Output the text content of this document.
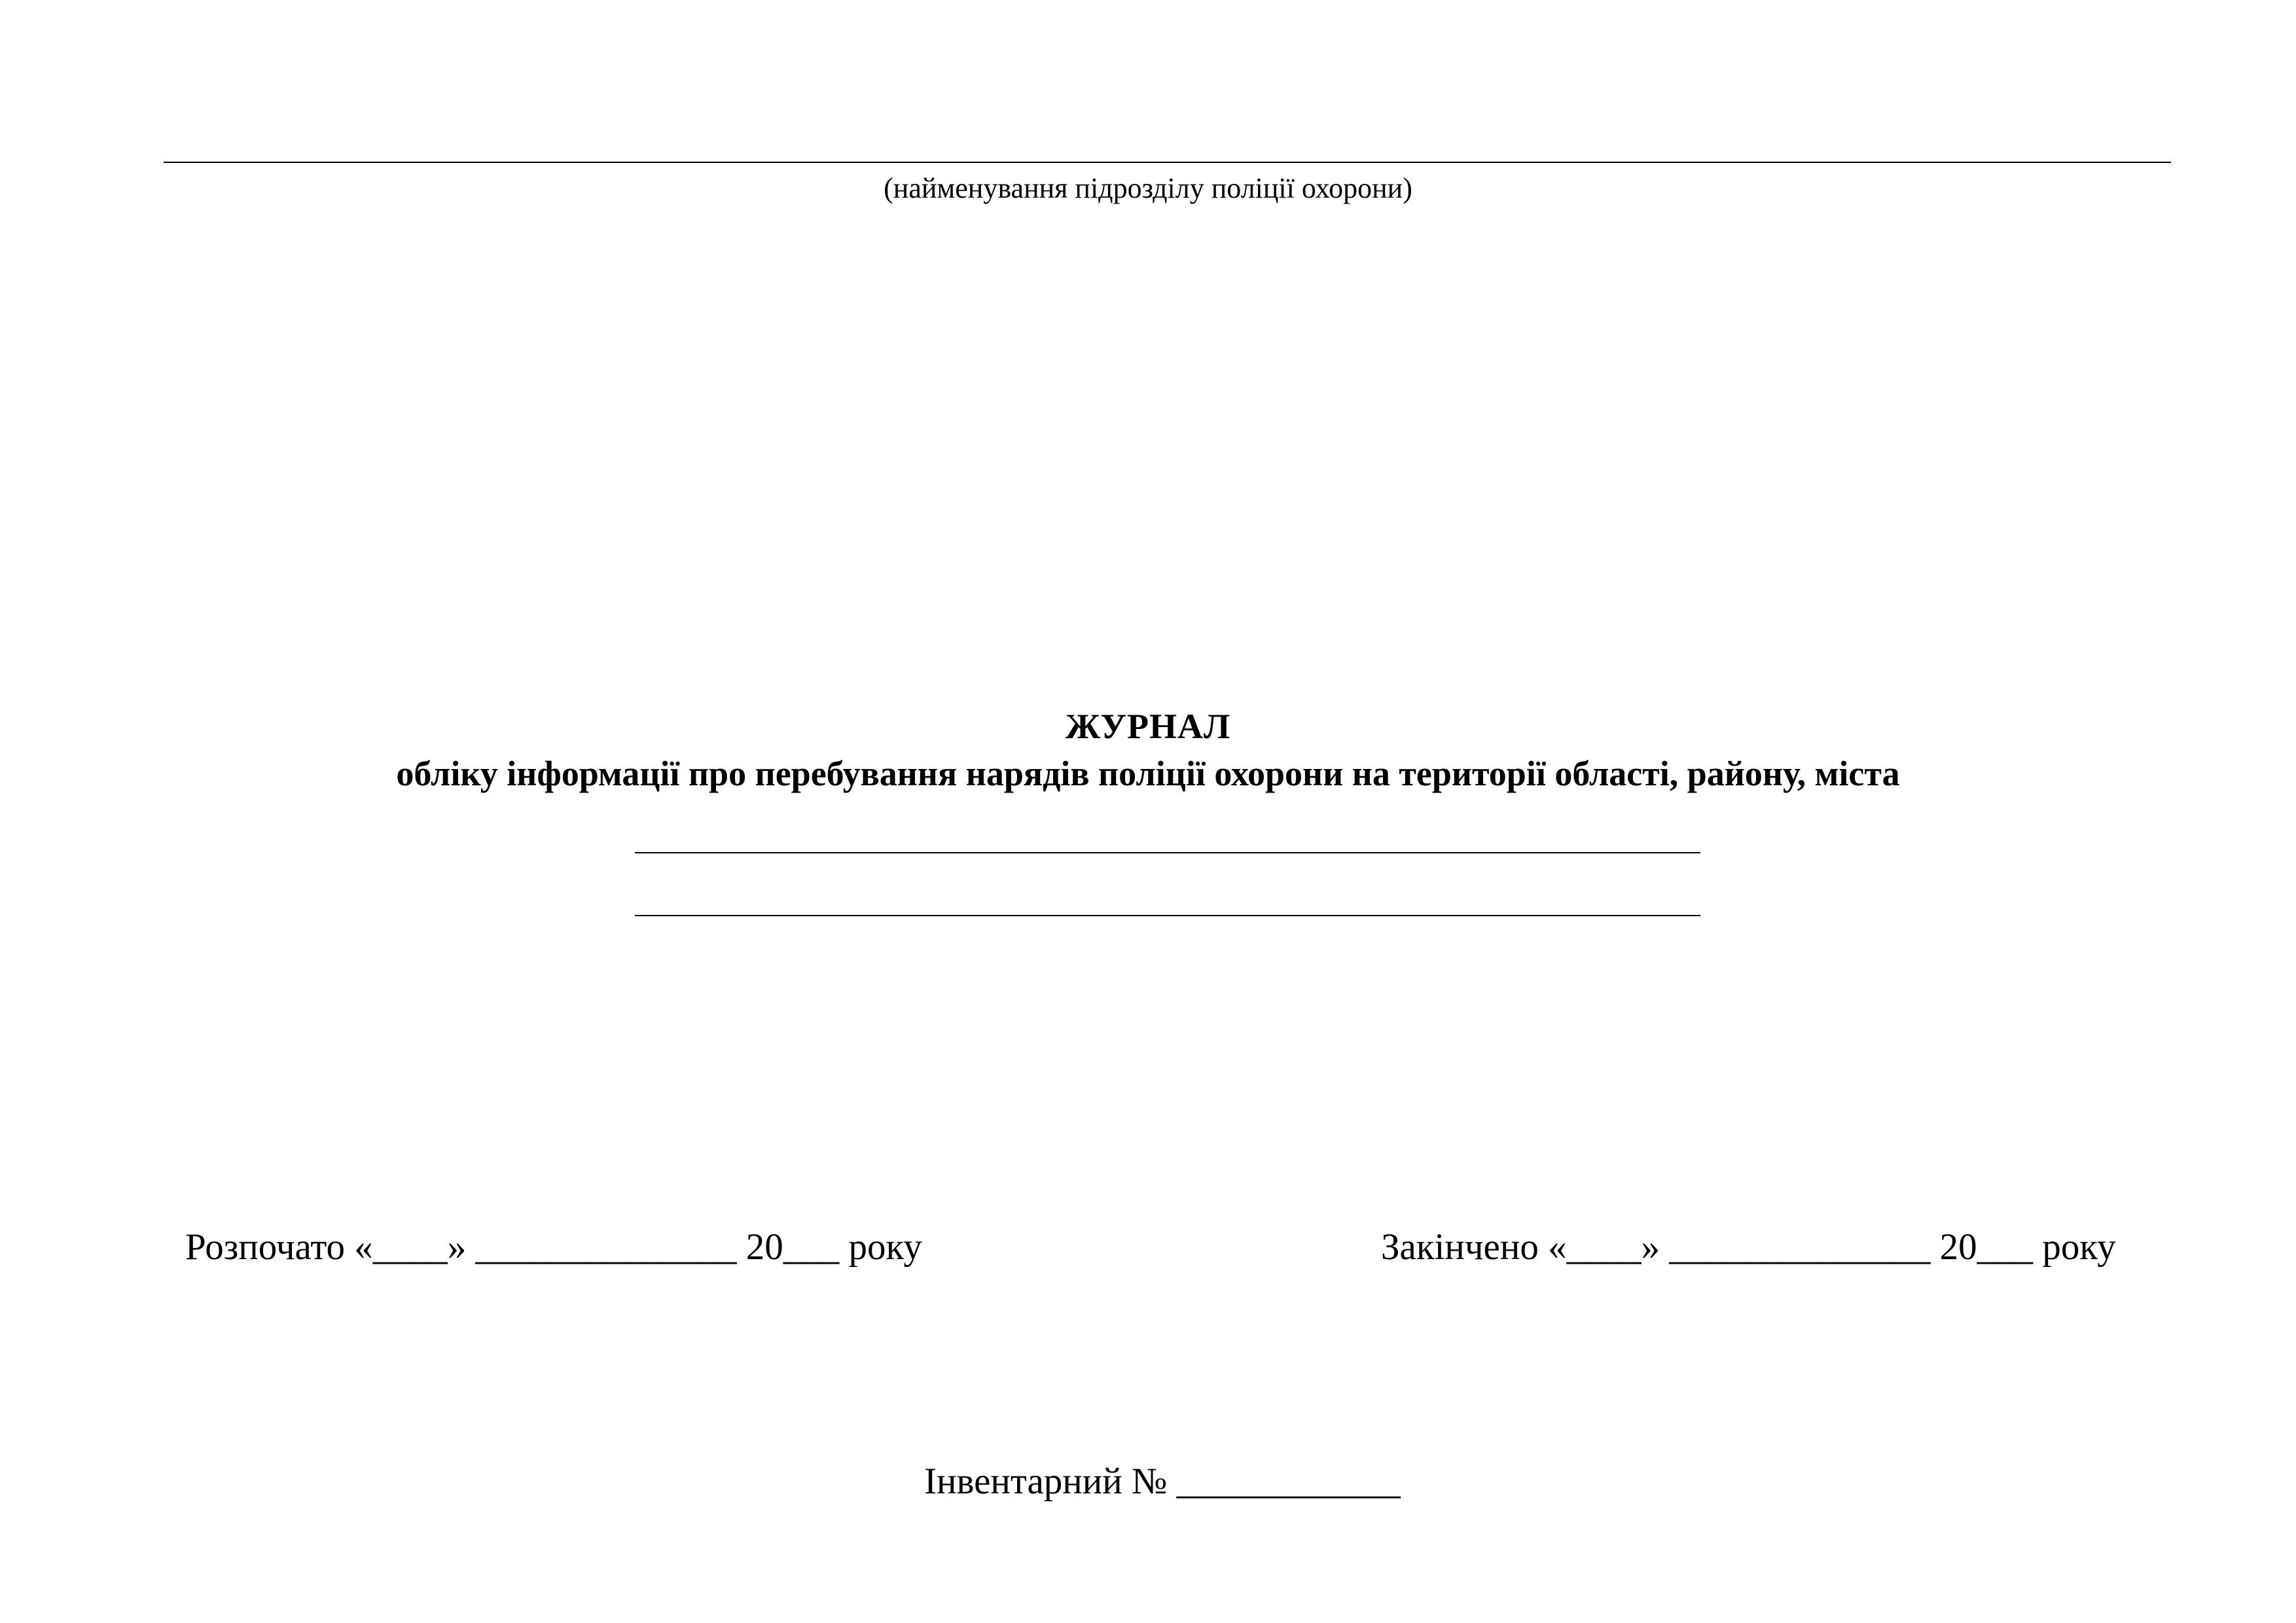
(найменування підрозділу поліції охорони)
ЖУРНАЛ
обліку інформації про перебування нарядів поліції охорони на території області, району, міста
Розпочато «____» ______________ 20___ року	Закінчено «____» ______________ 20___ року
Інвентарний № ____________
